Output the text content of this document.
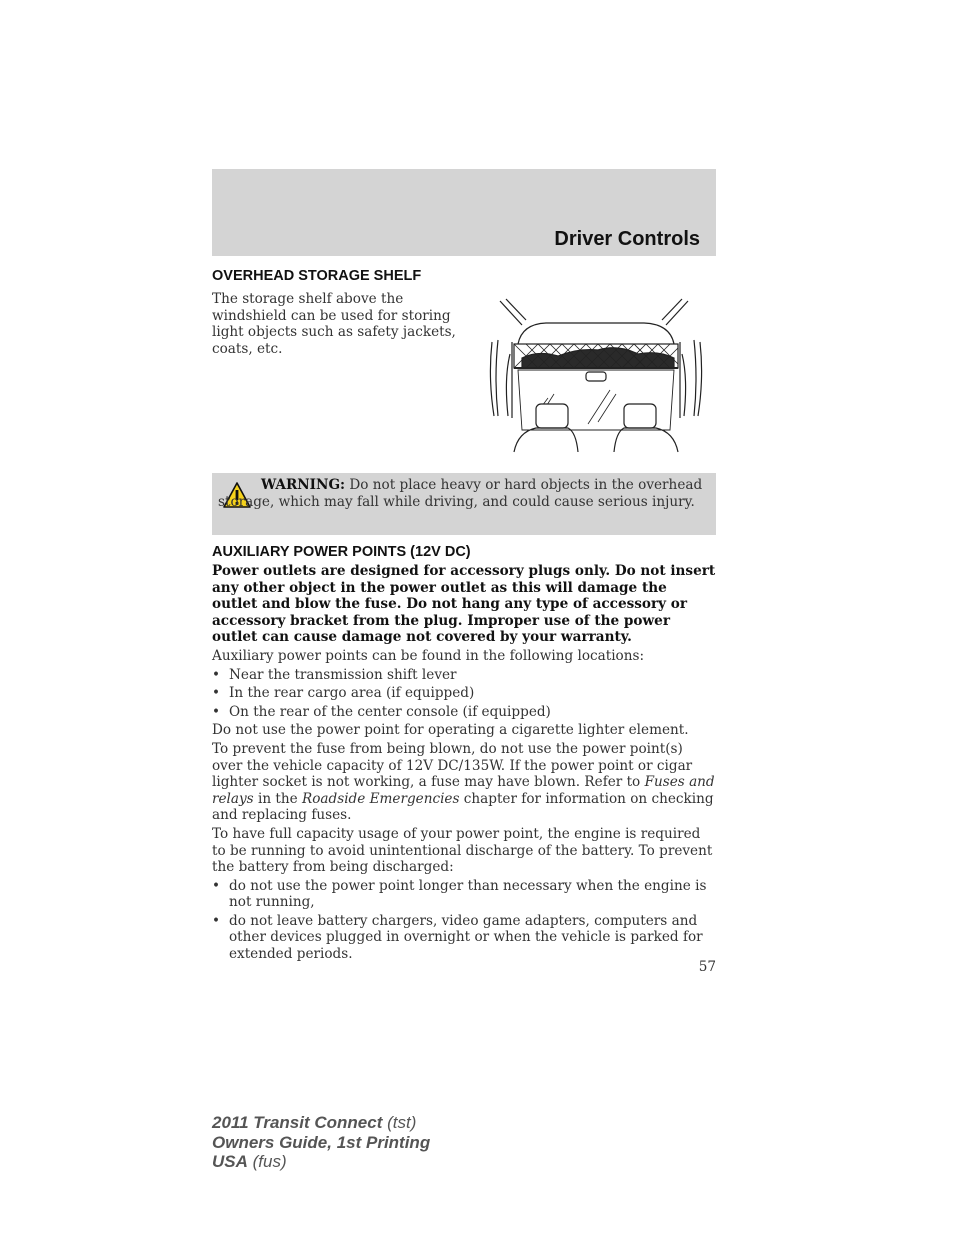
Driver Controls
OVERHEAD STORAGE SHELF
The storage shelf above the windshield can be used for storing light objects such as safety jackets, coats, etc.
WARNING: Do not place heavy or hard objects in the overhead storage, which may fall while driving, and could cause serious injury.
AUXILIARY POWER POINTS (12V DC)

Power outlets are designed for accessory plugs only. Do not insert any other object in the power outlet as this will damage the outlet and blow the fuse. Do not hang any type of accessory or accessory bracket from the plug. Improper use of the power outlet can cause damage not covered by your warranty.

Auxiliary power points can be found in the following locations:

• Near the transmission shift lever
• In the rear cargo area (if equipped)
• On the rear of the center console (if equipped)

Do not use the power point for operating a cigarette lighter element.

To prevent the fuse from being blown, do not use the power point(s) over the vehicle capacity of 12V DC/135W. If the power point or cigar lighter socket is not working, a fuse may have blown. Refer to Fuses and relays in the Roadside Emergencies chapter for information on checking and replacing fuses.

To have full capacity usage of your power point, the engine is required to be running to avoid unintentional discharge of the battery. To prevent the battery from being discharged:

• do not use the power point longer than necessary when the engine is not running,
• do not leave battery chargers, video game adapters, computers and other devices plugged in overnight or when the vehicle is parked for extended periods.
57
2011 Transit Connect (tst)
Owners Guide, 1st Printing
USA (fus)
